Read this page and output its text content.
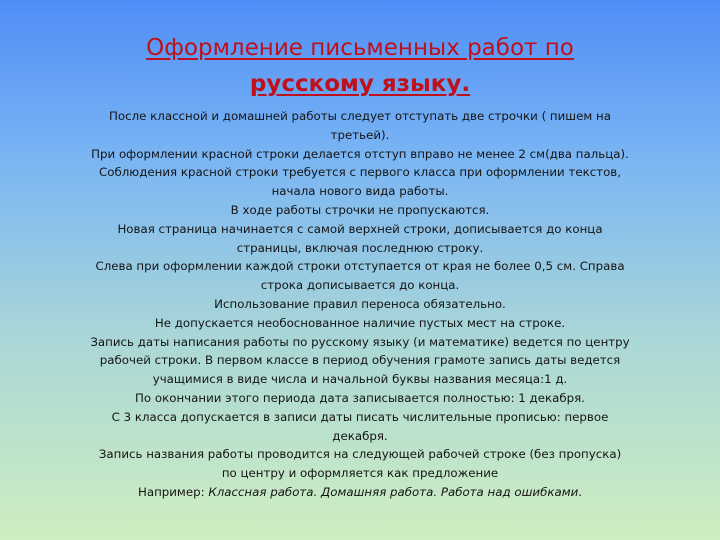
Оформление письменных работ по
русскому языку.

После классной и домашней работы следует отступать две строчки ( пишем на

третьей).

При оформлении красной строки делается отступ вправо не менее 2 см(два пальца).

Соблюдения красной строки требуется с первого класса при оформлении текстов,

начала нового вида работы.

В ходе работы строчки не пропускаются.

Новая страница начинается с самой верхней строки, дописывается до конца

страницы, включая последнюю строку.

Слева при оформлении каждой строки отступается от края не более 0,5 см. Справа

строка дописывается до конца.

Использование правил переноса обязательно.

Не допускается необоснованное наличие пустых мест на строке.

Запись даты написания работы по русскому языку (и математике) ведется по центру

рабочей строки. В первом классе в период обучения грамоте запись даты ведется

учащимися в виде числа и начальной буквы названия месяца:1 д.

По окончании этого периода дата записывается полностью: 1 декабря.

С 3 класса допускается в записи даты писать числительные прописью: первое

декабря.

Запись названия работы проводится на следующей рабочей строке (без пропуска)

по центру и оформляется как предложение

Например: Классная работа. Домашняя работа. Работа над ошибками.
